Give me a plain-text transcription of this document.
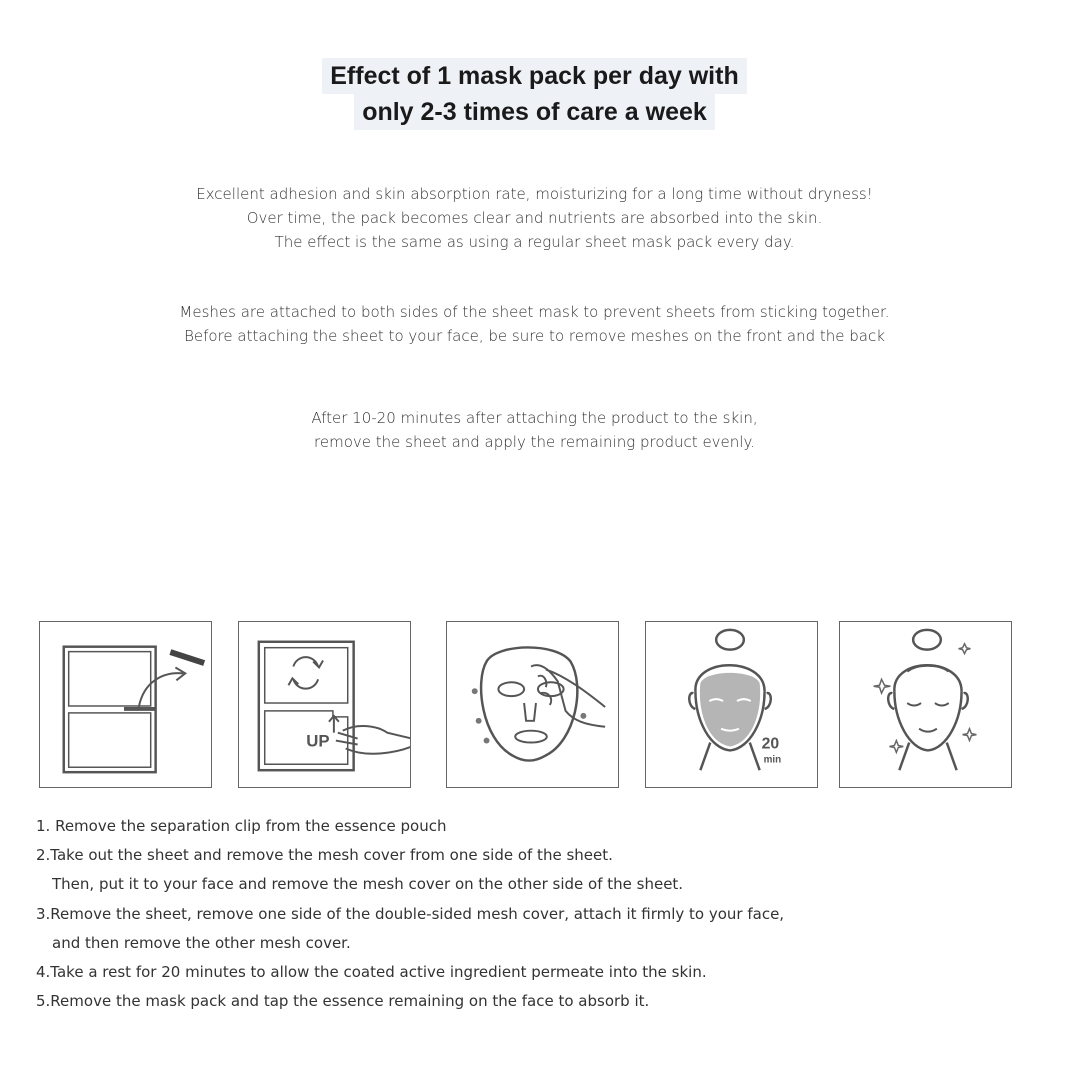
Effect of 1 mask pack per day with
only 2-3 times of care a week
Excellent adhesion and skin absorption rate, moisturizing for a long time without dryness!
Over time, the pack becomes clear and nutrients are absorbed into the skin.
The effect is the same as using a regular sheet mask pack every day.
Meshes are attached to both sides of the sheet mask to prevent sheets from sticking together.
Before attaching the sheet to your face, be sure to remove meshes on the front and the back
After 10-20 minutes after attaching the product to the skin,
remove the sheet and apply the remaining product evenly.
UP	20
min
1. Remove the separation clip from the essence pouch
2.Take out the sheet and remove the mesh cover from one side of the sheet.
Then, put it to your face and remove the mesh cover on the other side of the sheet.
3.Remove the sheet, remove one side of the double-sided mesh cover, attach it firmly to your face,
and then remove the other mesh cover.
4.Take a rest for 20 minutes to allow the coated active ingredient permeate into the skin.
5.Remove the mask pack and tap the essence remaining on the face to absorb it.
